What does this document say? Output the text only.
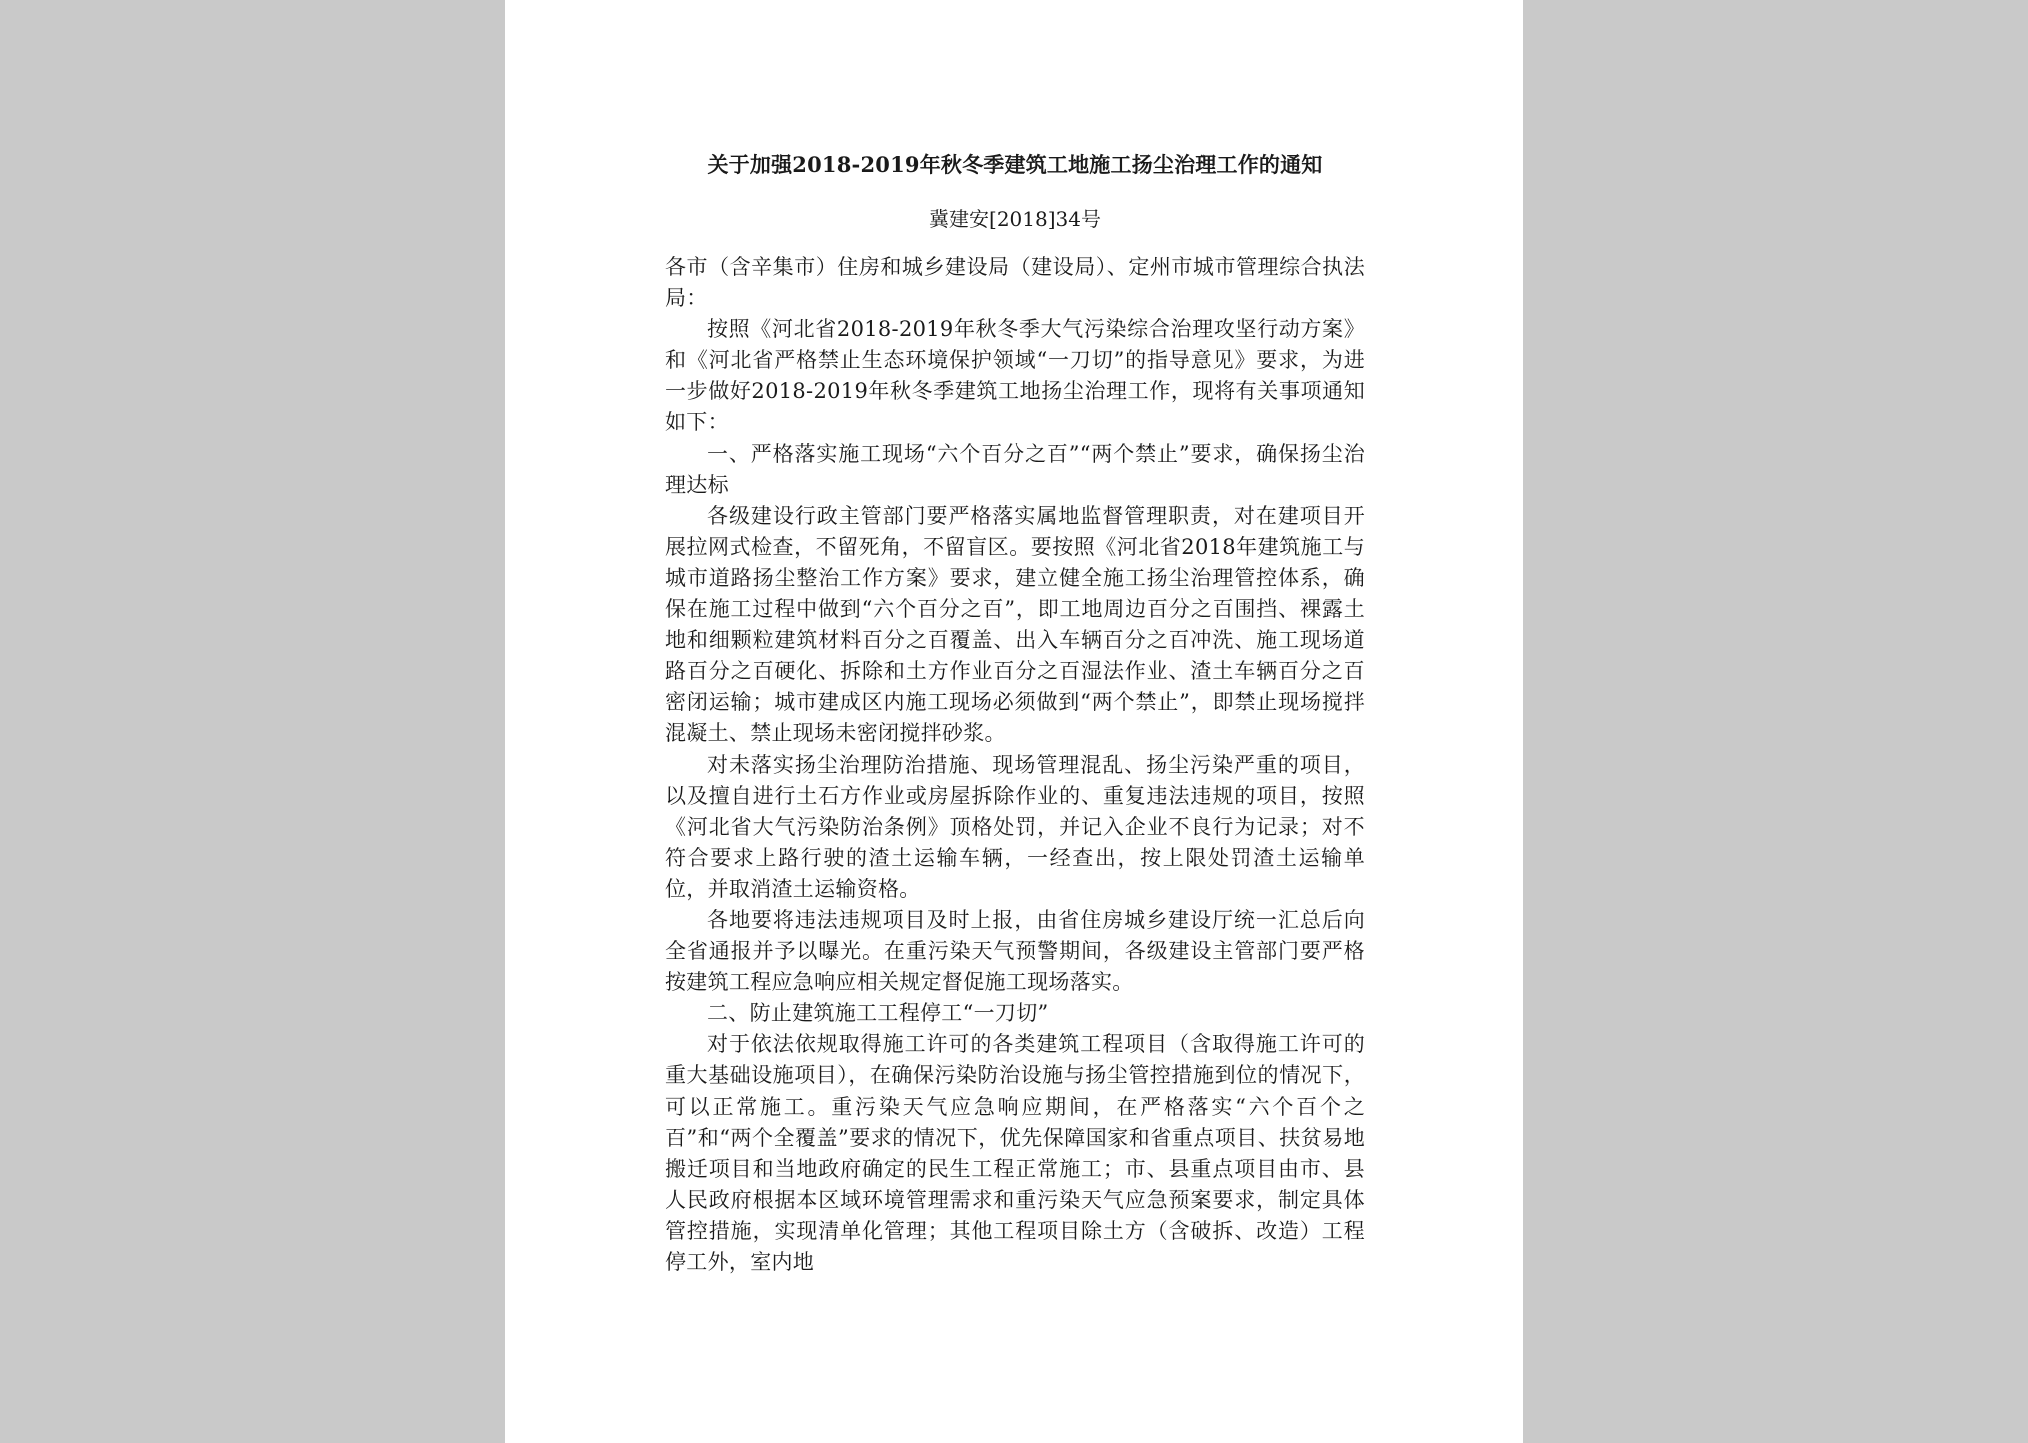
关于加强2018-2019年秋冬季建筑工地施工扬尘治理工作的通知
冀建安[2018]34号

各市（含辛集市）住房和城乡建设局（建设局）、定州市城市管理综合执法局：

按照《河北省2018-2019年秋冬季大气污染综合治理攻坚行动方案》和《河北省严格禁止生态环境保护领域“一刀切”的指导意见》要求，为进一步做好2018-2019年秋冬季建筑工地扬尘治理工作，现将有关事项通知如下：

一、严格落实施工现场“六个百分之百”“两个禁止”要求，确保扬尘治理达标

各级建设行政主管部门要严格落实属地监督管理职责，对在建项目开展拉网式检查，不留死角，不留盲区。要按照《河北省2018年建筑施工与城市道路扬尘整治工作方案》要求，建立健全施工扬尘治理管控体系，确保在施工过程中做到“六个百分之百”，即工地周边百分之百围挡、裸露土地和细颗粒建筑材料百分之百覆盖、出入车辆百分之百冲洗、施工现场道路百分之百硬化、拆除和土方作业百分之百湿法作业、渣土车辆百分之百密闭运输；城市建成区内施工现场必须做到“两个禁止”，即禁止现场搅拌混凝土、禁止现场未密闭搅拌砂浆。

对未落实扬尘治理防治措施、现场管理混乱、扬尘污染严重的项目，以及擅自进行土石方作业或房屋拆除作业的、重复违法违规的项目，按照《河北省大气污染防治条例》顶格处罚，并记入企业不良行为记录；对不符合要求上路行驶的渣土运输车辆，一经查出，按上限处罚渣土运输单位，并取消渣土运输资格。

各地要将违法违规项目及时上报，由省住房城乡建设厅统一汇总后向全省通报并予以曝光。在重污染天气预警期间，各级建设主管部门要严格按建筑工程应急响应相关规定督促施工现场落实。

二、防止建筑施工工程停工“一刀切”

对于依法依规取得施工许可的各类建筑工程项目（含取得施工许可的重大基础设施项目），在确保污染防治设施与扬尘管控措施到位的情况下，可以正常施工。重污染天气应急响应期间，在严格落实“六个百个之百”和“两个全覆盖”要求的情况下，优先保障国家和省重点项目、扶贫易地搬迁项目和当地政府确定的民生工程正常施工；市、县重点项目由市、县人民政府根据本区域环境管理需求和重污染天气应急预案要求，制定具体管控措施，实现清单化管理；其他工程项目除土方（含破拆、改造）工程停工外，室内地
